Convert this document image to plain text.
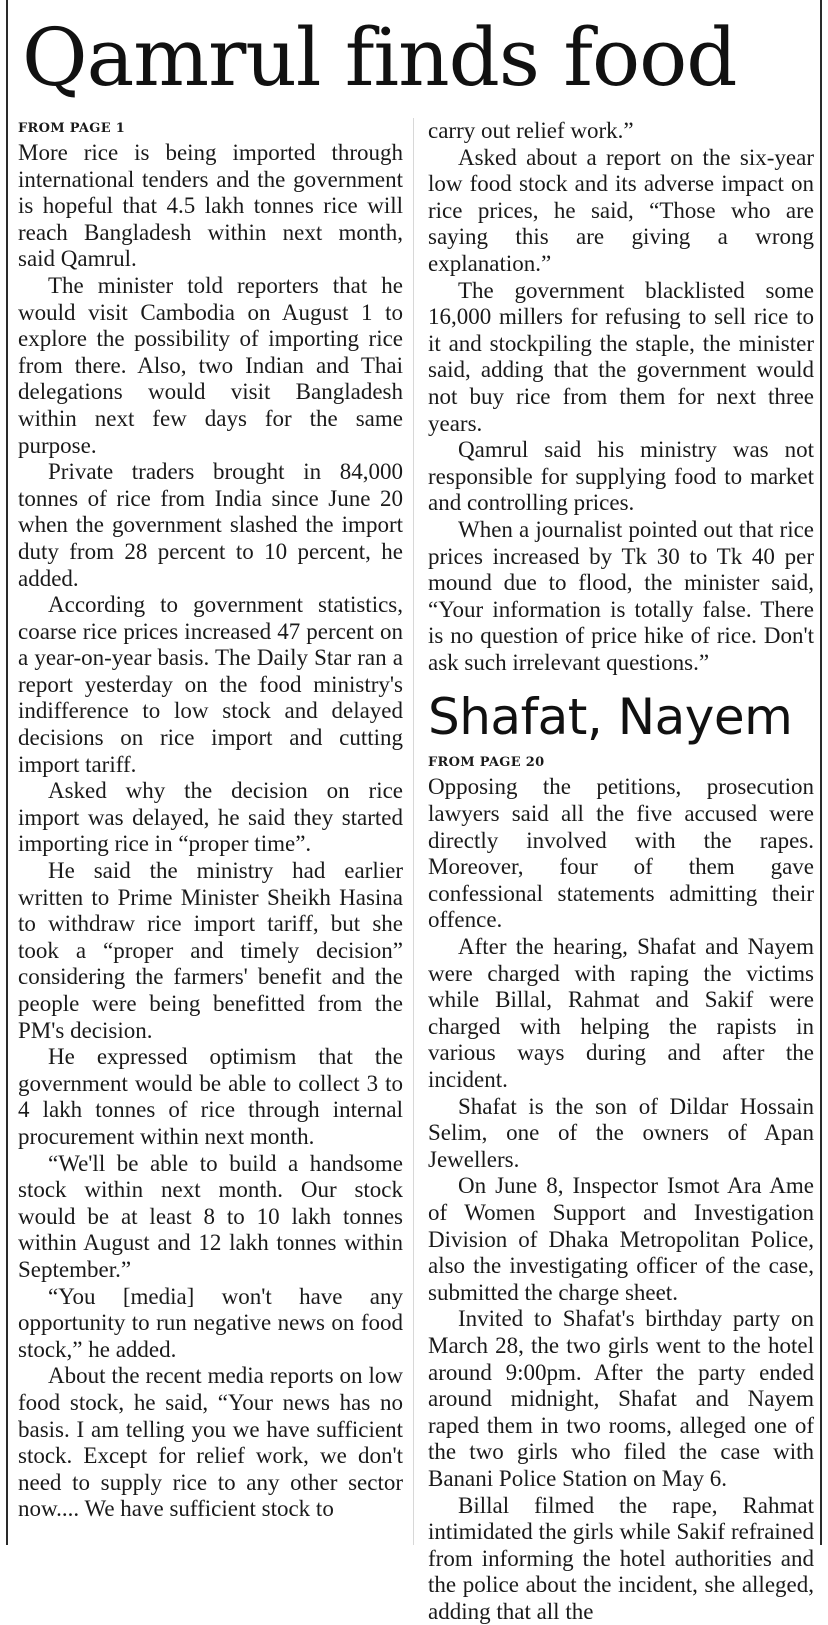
Qamrul finds food
FROM PAGE 1

More rice is being imported through international tenders and the government is hopeful that 4.5 lakh tonnes rice will reach Bangladesh within next month, said Qamrul.

The minister told reporters that he would visit Cambodia on August 1 to explore the possibility of importing rice from there. Also, two Indian and Thai delegations would visit Bangladesh within next few days for the same purpose.

Private traders brought in 84,000 tonnes of rice from India since June 20 when the government slashed the import duty from 28 percent to 10 percent, he added.

According to government statistics, coarse rice prices increased 47 percent on a year-on-year basis. The Daily Star ran a report yesterday on the food ministry's indifference to low stock and delayed decisions on rice import and cutting import tariff.

Asked why the decision on rice import was delayed, he said they started importing rice in “proper time”.

He said the ministry had earlier written to Prime Minister Sheikh Hasina to withdraw rice import tariff, but she took a “proper and timely decision” considering the farmers' benefit and the people were being benefitted from the PM's decision.

He expressed optimism that the government would be able to collect 3 to 4 lakh tonnes of rice through internal procurement within next month.

“We'll be able to build a handsome stock within next month. Our stock would be at least 8 to 10 lakh tonnes within August and 12 lakh tonnes within September.”

“You [media] won't have any opportunity to run negative news on food stock,” he added.

About the recent media reports on low food stock, he said, “Your news has no basis. I am telling you we have sufficient stock. Except for relief work, we don't need to supply rice to any other sector now.... We have sufficient stock to

carry out relief work.”

Asked about a report on the six-year low food stock and its adverse impact on rice prices, he said, “Those who are saying this are giving a wrong explanation.”

The government blacklisted some 16,000 millers for refusing to sell rice to it and stockpiling the staple, the minister said, adding that the government would not buy rice from them for next three years.

Qamrul said his ministry was not responsible for supplying food to market and controlling prices.

When a journalist pointed out that rice prices increased by Tk 30 to Tk 40 per mound due to flood, the minister said, “Your information is totally false. There is no question of price hike of rice. Don't ask such irrelevant questions.”

Shafat, Nayem
FROM PAGE 20

Opposing the petitions, prosecution lawyers said all the five accused were directly involved with the rapes. Moreover, four of them gave confessional statements admitting their offence.

After the hearing, Shafat and Nayem were charged with raping the victims while Billal, Rahmat and Sakif were charged with helping the rapists in various ways during and after the incident.

Shafat is the son of Dildar Hossain Selim, one of the owners of Apan Jewellers.

On June 8, Inspector Ismot Ara Ame of Women Support and Investigation Division of Dhaka Metropolitan Police, also the investigating officer of the case, submitted the charge sheet.

Invited to Shafat's birthday party on March 28, the two girls went to the hotel around 9:00pm. After the party ended around midnight, Shafat and Nayem raped them in two rooms, alleged one of the two girls who filed the case with Banani Police Station on May 6.

Billal filmed the rape, Rahmat intimidated the girls while Sakif refrained from informing the hotel authorities and the police about the incident, she alleged, adding that all the
